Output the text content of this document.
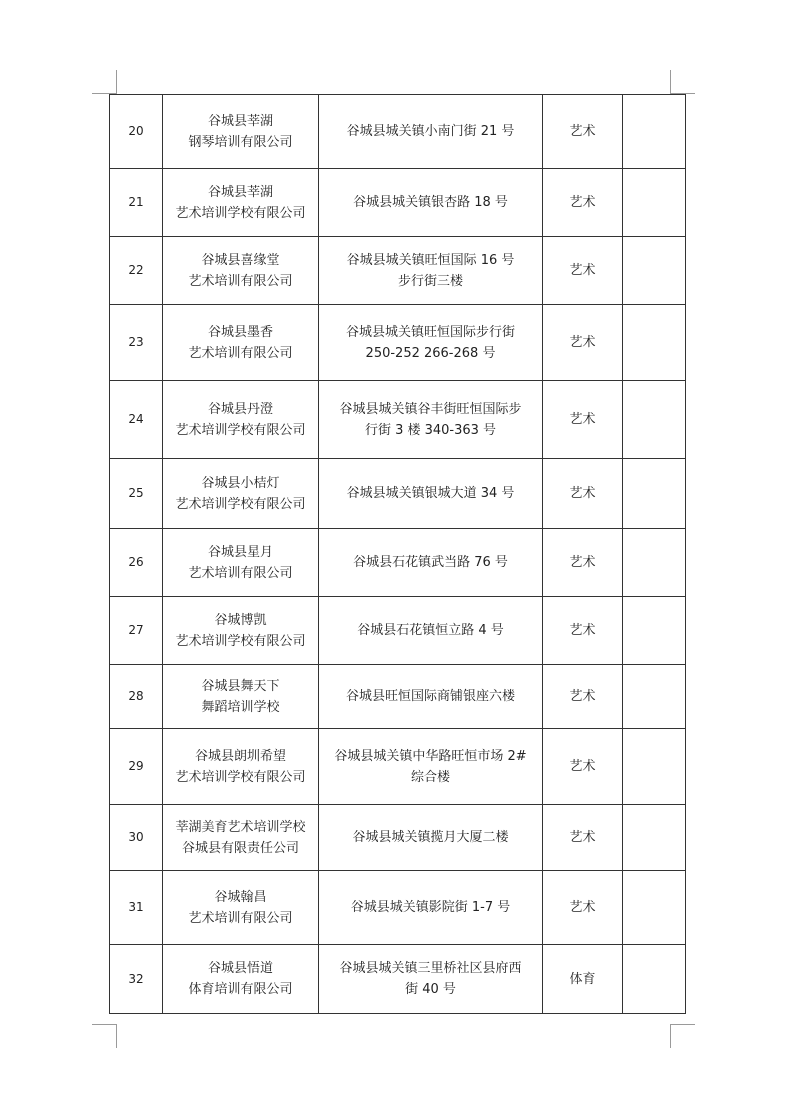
20	谷城县莘湖
钢琴培训有限公司	谷城县城关镇小南门街 21 号	艺术	

21	谷城县莘湖
艺术培训学校有限公司	谷城县城关镇银杏路 18 号	艺术	

22	谷城县喜缘堂
艺术培训有限公司	谷城县城关镇旺恒国际 16 号
步行街三楼	艺术	

23	谷城县墨香
艺术培训有限公司	谷城县城关镇旺恒国际步行街
250-252 266-268 号	艺术	

24	谷城县丹澄
艺术培训学校有限公司	谷城县城关镇谷丰街旺恒国际步
行街 3 楼 340-363 号	艺术	

25	谷城县小桔灯
艺术培训学校有限公司	谷城县城关镇银城大道 34 号	艺术	

26	谷城县星月
艺术培训有限公司	谷城县石花镇武当路 76 号	艺术	

27	谷城博凯
艺术培训学校有限公司	谷城县石花镇恒立路 4 号	艺术	

28	谷城县舞天下
舞蹈培训学校	谷城县旺恒国际商铺银座六楼	艺术	

29	谷城县朗圳希望
艺术培训学校有限公司	谷城县城关镇中华路旺恒市场 2#
综合楼	艺术	

30	莘湖美育艺术培训学校
谷城县有限责任公司	谷城县城关镇揽月大厦二楼	艺术	

31	谷城翰昌
艺术培训有限公司	谷城县城关镇影院街 1-7 号	艺术	

32	谷城县悟道
体育培训有限公司	谷城县城关镇三里桥社区县府西
街 40 号	体育	
